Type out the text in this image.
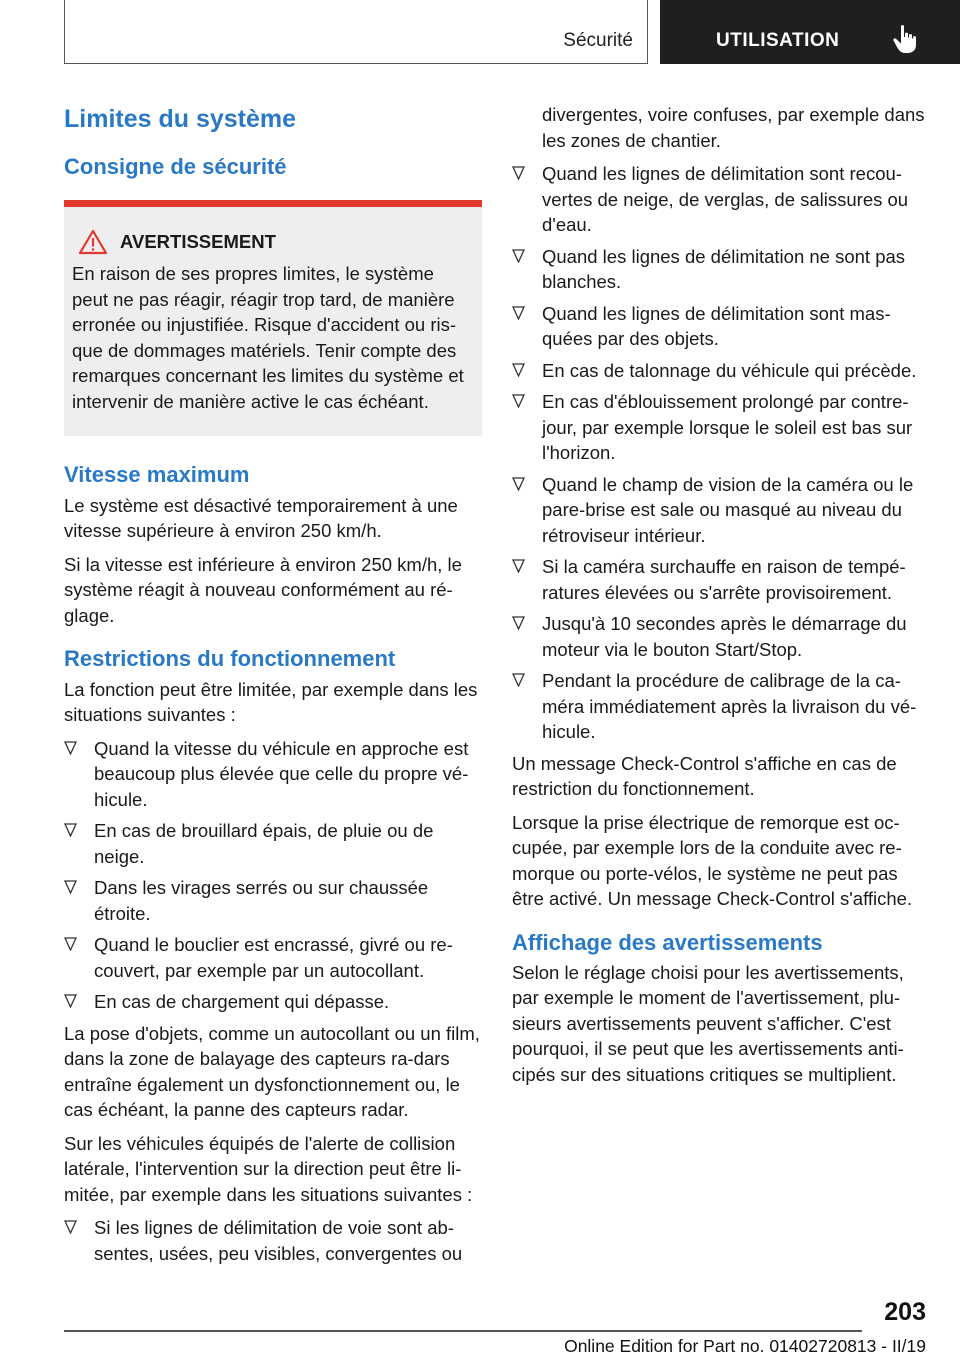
Sécurité	UTILISATION
Limites du système
Consigne de sécurité
AVERTISSEMENT
En raison de ses propres limites, le système peut ne pas réagir, réagir trop tard, de manière erronée ou injustifiée. Risque d'accident ou ris‐que de dommages matériels. Tenir compte des remarques concernant les limites du système et intervenir de manière active le cas échéant.
Vitesse maximum

Le système est désactivé temporairement à une vitesse supérieure à environ 250 km/h.

Si la vitesse est inférieure à environ 250 km/h, le système réagit à nouveau conformément au ré‐glage.

Restrictions du fonctionnement

La fonction peut être limitée, par exemple dans les situations suivantes :

Quand la vitesse du véhicule en approche est beaucoup plus élevée que celle du propre vé‐hicule.
En cas de brouillard épais, de pluie ou de neige.
Dans les virages serrés ou sur chaussée étroite.
Quand le bouclier est encrassé, givré ou re‐couvert, par exemple par un autocollant.
En cas de chargement qui dépasse.

La pose d'objets, comme un autocollant ou un film, dans la zone de balayage des capteurs ra‐dars entraîne également un dysfonctionnement ou, le cas échéant, la panne des capteurs radar.

Sur les véhicules équipés de l'alerte de collision latérale, l'intervention sur la direction peut être li‐mitée, par exemple dans les situations suivantes :

Si les lignes de délimitation de voie sont ab‐sentes, usées, peu visibles, convergentes ou

divergentes, voire confuses, par exemple dans les zones de chantier.

Quand les lignes de délimitation sont recou‐vertes de neige, de verglas, de salissures ou d'eau.
Quand les lignes de délimitation ne sont pas blanches.
Quand les lignes de délimitation sont mas‐quées par des objets.
En cas de talonnage du véhicule qui précède.
En cas d'éblouissement prolongé par contre‐jour, par exemple lorsque le soleil est bas sur l'horizon.
Quand le champ de vision de la caméra ou le pare-brise est sale ou masqué au niveau du rétroviseur intérieur.
Si la caméra surchauffe en raison de tempé‐ratures élevées ou s'arrête provisoirement.
Jusqu'à 10 secondes après le démarrage du moteur via le bouton Start/Stop.
Pendant la procédure de calibrage de la ca‐méra immédiatement après la livraison du vé‐hicule.

Un message Check-Control s'affiche en cas de restriction du fonctionnement.

Lorsque la prise électrique de remorque est oc‐cupée, par exemple lors de la conduite avec re‐morque ou porte-vélos, le système ne peut pas être activé. Un message Check-Control s'affiche.

Affichage des avertissements

Selon le réglage choisi pour les avertissements, par exemple le moment de l'avertissement, plu‐sieurs avertissements peuvent s'afficher. C'est pourquoi, il se peut que les avertissements anti‐cipés sur des situations critiques se multiplient.

203
Online Edition for Part no. 01402720813 - II/19
